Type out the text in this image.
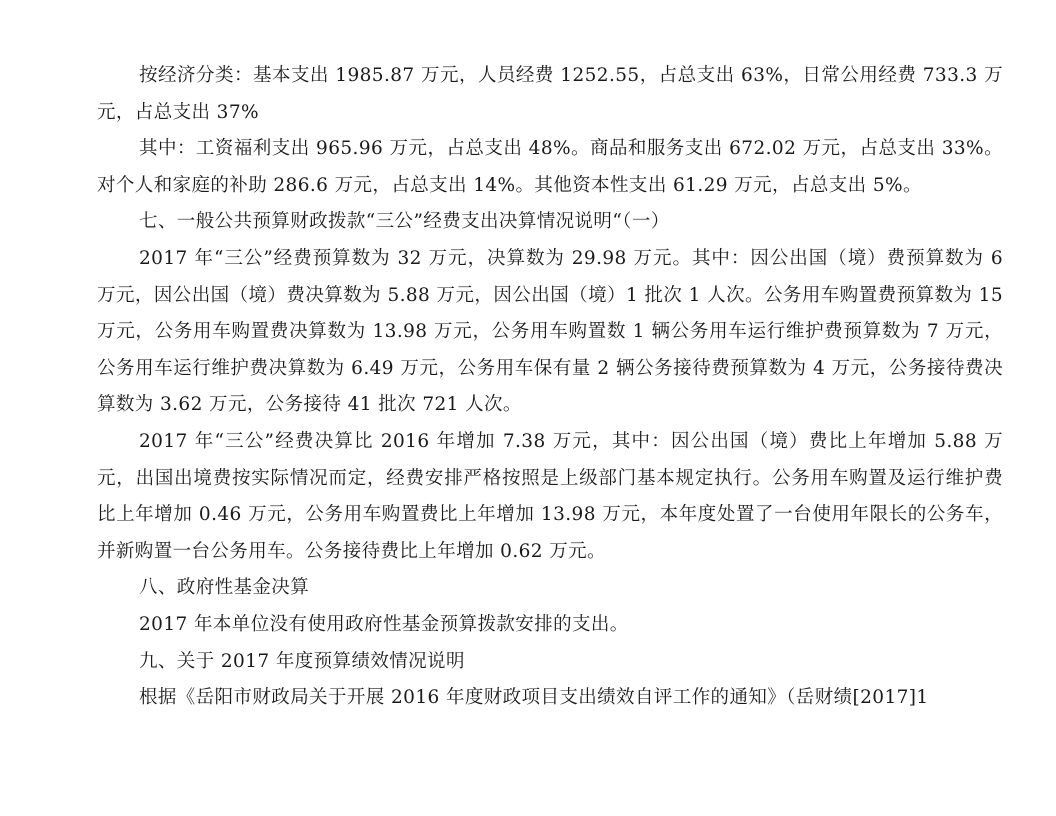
按经济分类：基本支出 1985.87 万元，人员经费 1252.55，占总支出 63%，日常公用经费 733.3 万元，占总支出 37%

其中：工资福利支出 965.96 万元，占总支出 48%。商品和服务支出 672.02 万元，占总支出 33%。对个人和家庭的补助 286.6 万元，占总支出 14%。其他资本性支出 61.29 万元，占总支出 5%。

七、一般公共预算财政拨款“三公”经费支出决算情况说明“（一）

2017 年“三公”经费预算数为 32 万元，决算数为 29.98 万元。其中：因公出国（境）费预算数为 6 万元，因公出国（境）费决算数为 5.88 万元，因公出国（境）1 批次 1 人次。公务用车购置费预算数为 15 万元，公务用车购置费决算数为 13.98 万元，公务用车购置数 1 辆公务用车运行维护费预算数为 7 万元，公务用车运行维护费决算数为 6.49 万元，公务用车保有量 2 辆公务接待费预算数为 4 万元，公务接待费决算数为 3.62 万元，公务接待 41 批次 721 人次。

2017 年“三公”经费决算比 2016 年增加 7.38 万元，其中：因公出国（境）费比上年增加 5.88 万元，出国出境费按实际情况而定，经费安排严格按照是上级部门基本规定执行。公务用车购置及运行维护费比上年增加 0.46 万元，公务用车购置费比上年增加 13.98 万元，本年度处置了一台使用年限长的公务车，并新购置一台公务用车。公务接待费比上年增加 0.62 万元。

八、政府性基金决算

2017 年本单位没有使用政府性基金预算拨款安排的支出。

九、关于 2017 年度预算绩效情况说明

根据《岳阳市财政局关于开展 2016 年度财政项目支出绩效自评工作的通知》（岳财绩[2017]1
